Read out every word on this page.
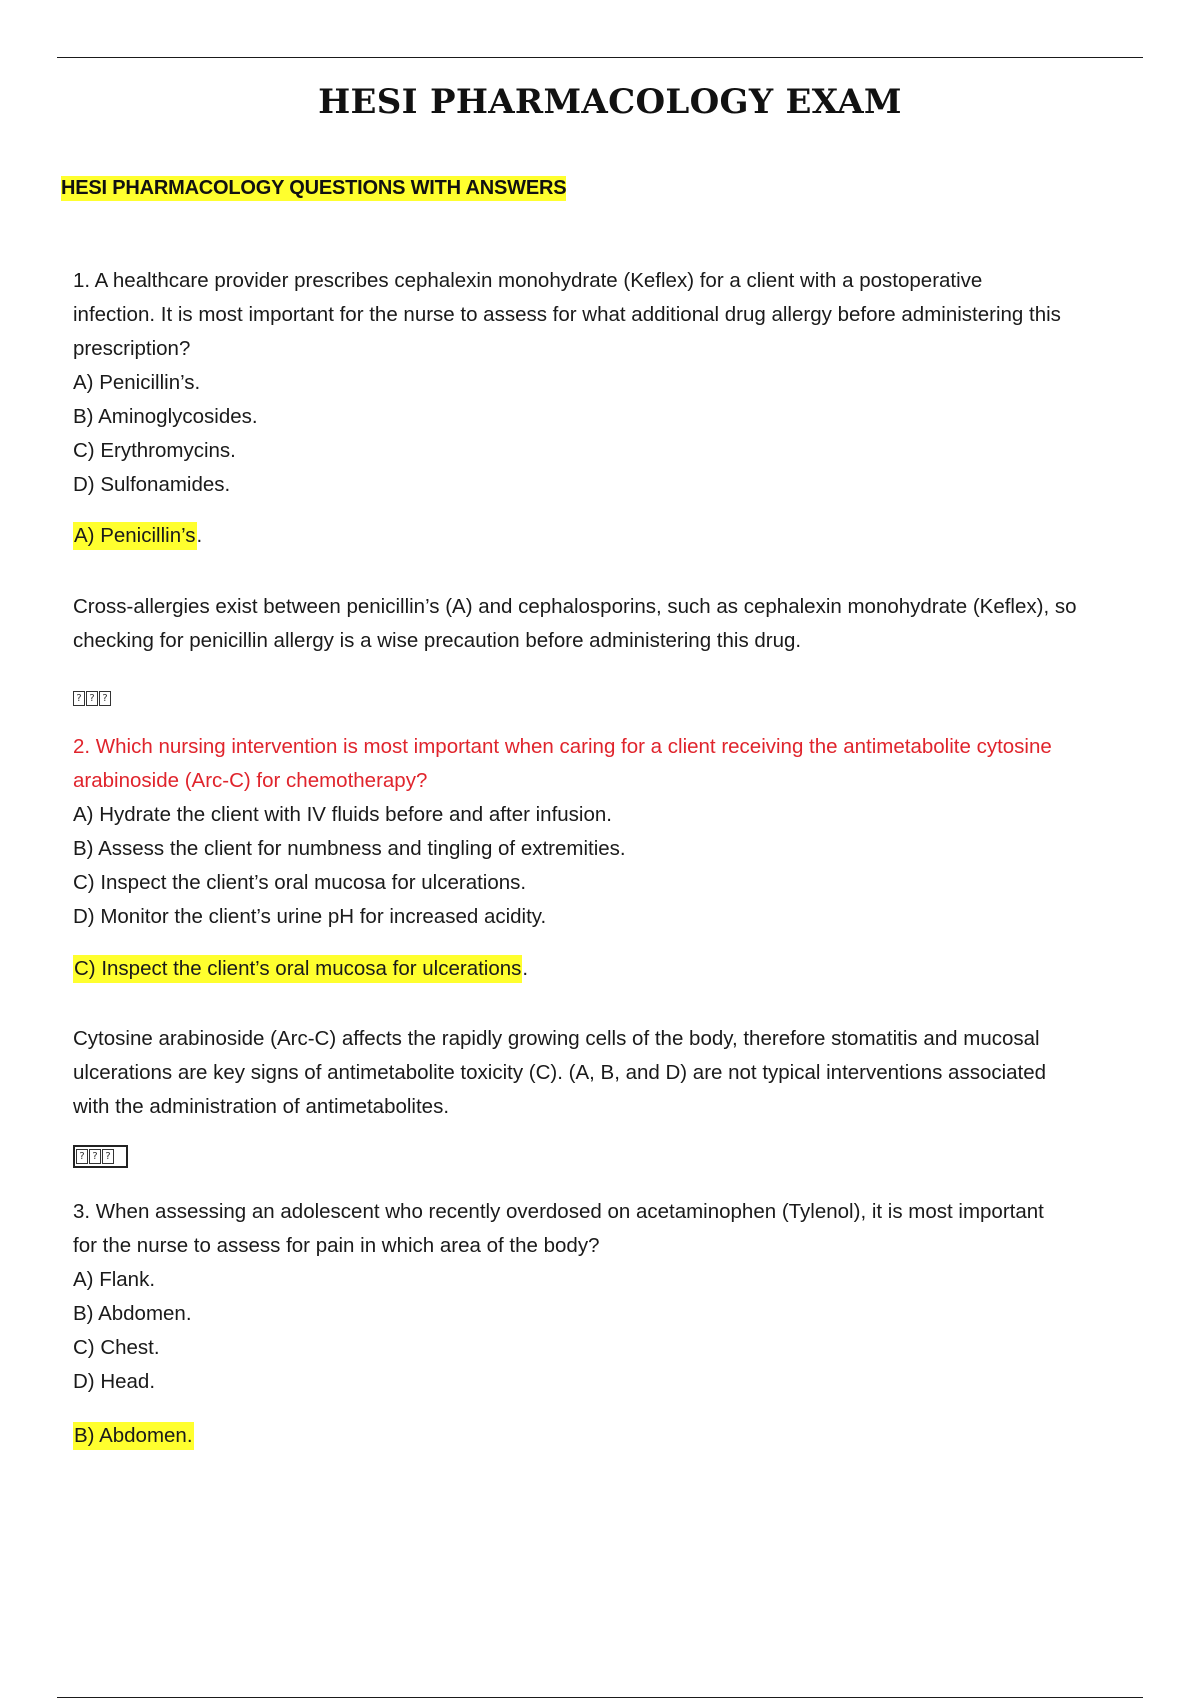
HESI PHARMACOLOGY EXAM
HESI PHARMACOLOGY QUESTIONS WITH ANSWERS

1. A healthcare provider prescribes cephalexin monohydrate (Keflex) for a client with a postoperative

infection. It is most important for the nurse to assess for what additional drug allergy before administering this

prescription?

A) Penicillin’s.

B) Aminoglycosides.

C) Erythromycins.

D) Sulfonamides.

A) Penicillin’s.

Cross-allergies exist between penicillin’s (A) and cephalosporins, such as cephalexin monohydrate (Keflex), so

checking for penicillin allergy is a wise precaution before administering this drug.

? ? ?

2. Which nursing intervention is most important when caring for a client receiving the antimetabolite cytosine

arabinoside (Arc-C) for chemotherapy?

A) Hydrate the client with IV fluids before and after infusion.

B) Assess the client for numbness and tingling of extremities.

C) Inspect the client’s oral mucosa for ulcerations.

D) Monitor the client’s urine pH for increased acidity.

C) Inspect the client’s oral mucosa for ulcerations.

Cytosine arabinoside (Arc-C) affects the rapidly growing cells of the body, therefore stomatitis and mucosal

ulcerations are key signs of antimetabolite toxicity (C). (A, B, and D) are not typical interventions associated

with the administration of antimetabolites.

? ? ?

3. When assessing an adolescent who recently overdosed on acetaminophen (Tylenol), it is most important

for the nurse to assess for pain in which area of the body?

A) Flank.

B) Abdomen.

C) Chest.

D) Head.

B) Abdomen.
